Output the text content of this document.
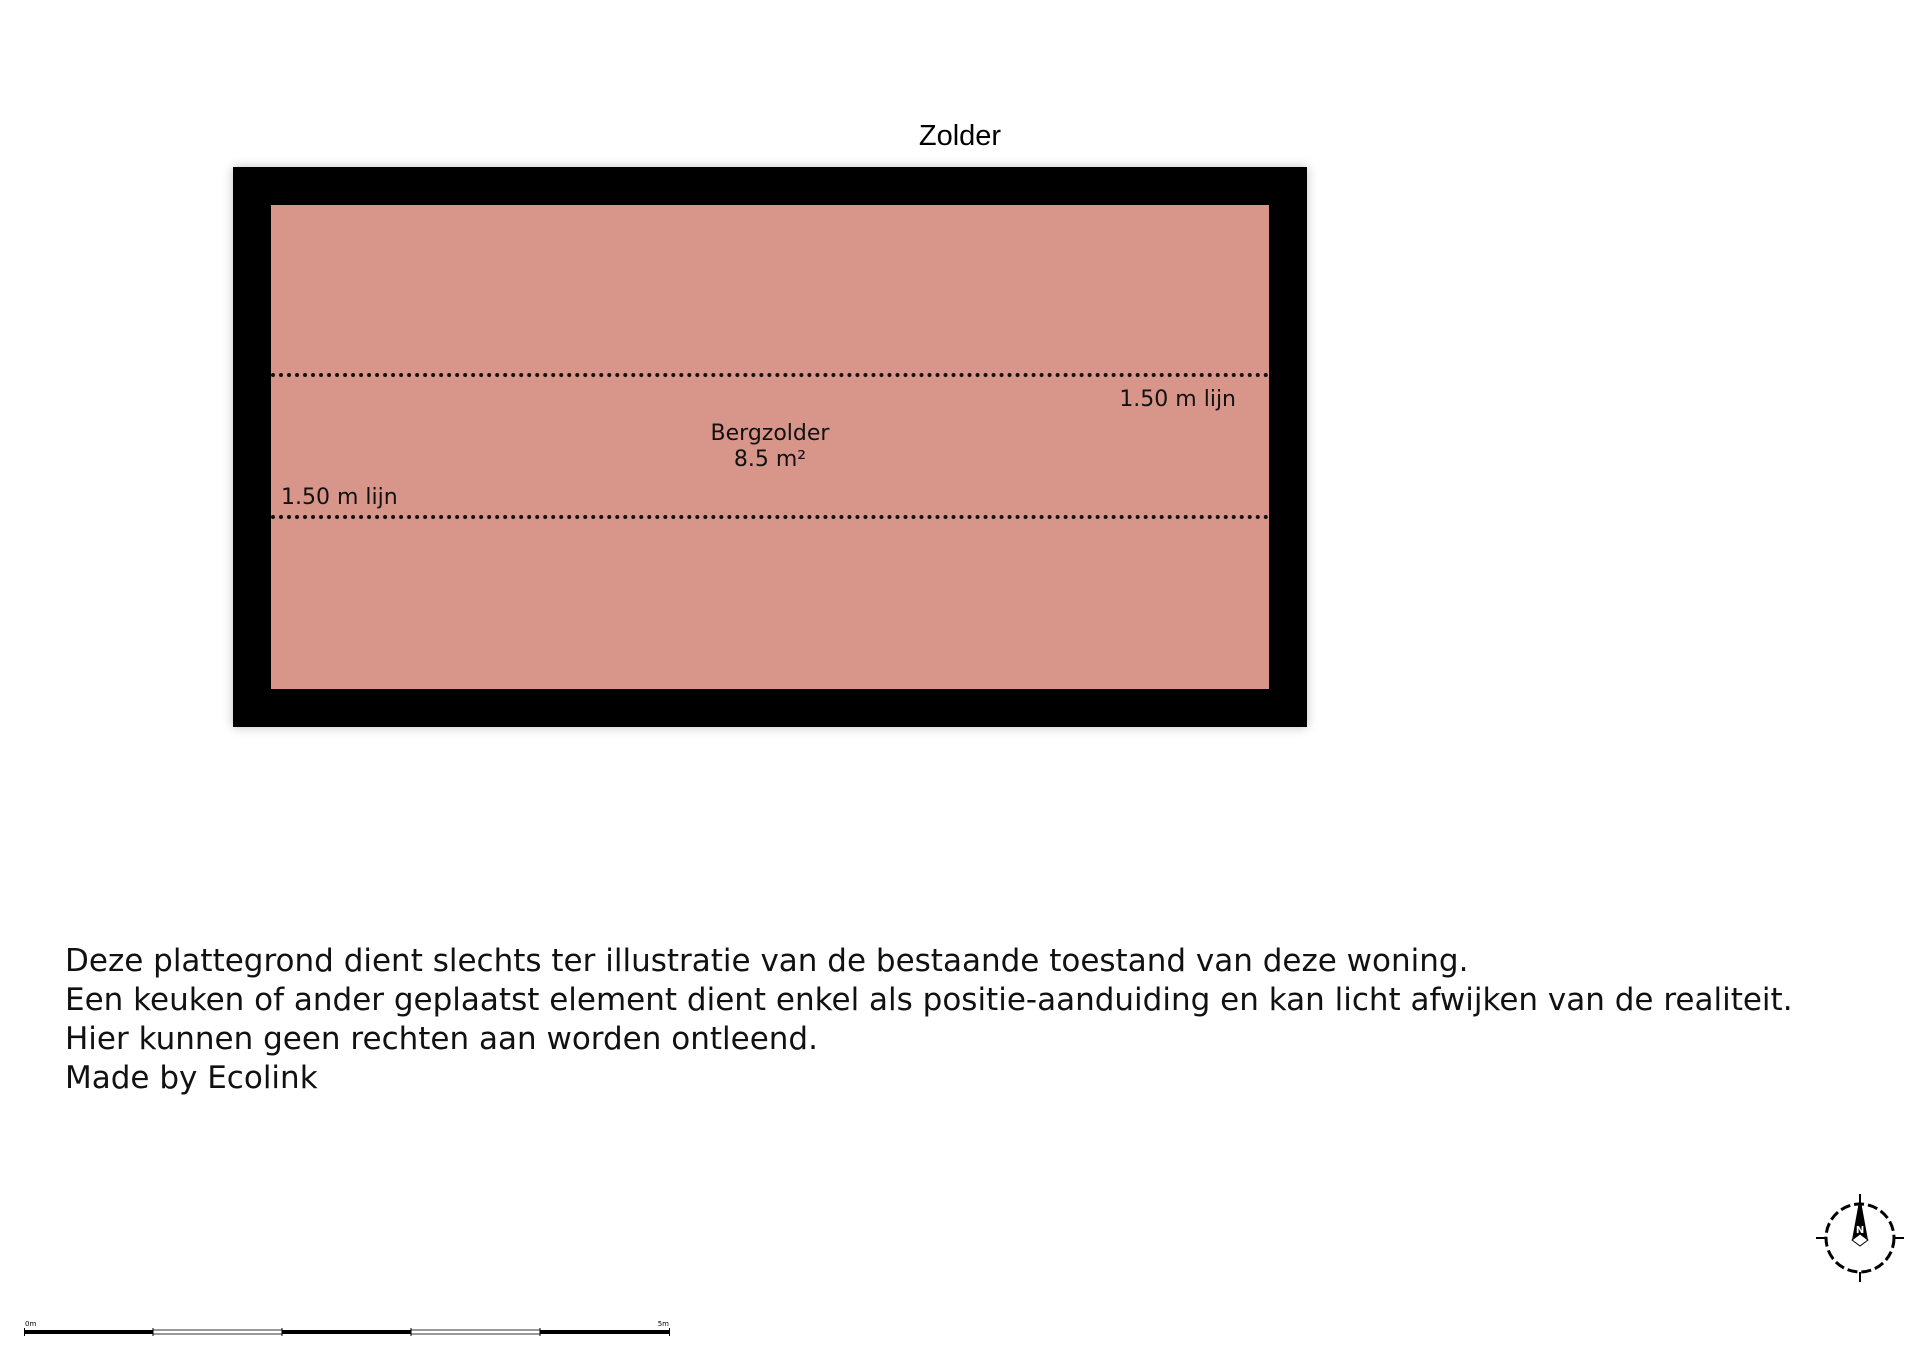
Zolder
1.50 m lijn
Bergzolder
8.5 m²
1.50 m lijn
Deze plattegrond dient slechts ter illustratie van de bestaande toestand van deze woning.
Een keuken of ander geplaatst element dient enkel als positie-aanduiding en kan licht afwijken van de realiteit.
Hier kunnen geen rechten aan worden ontleend.
Made by Ecolink
0m	5m
N
